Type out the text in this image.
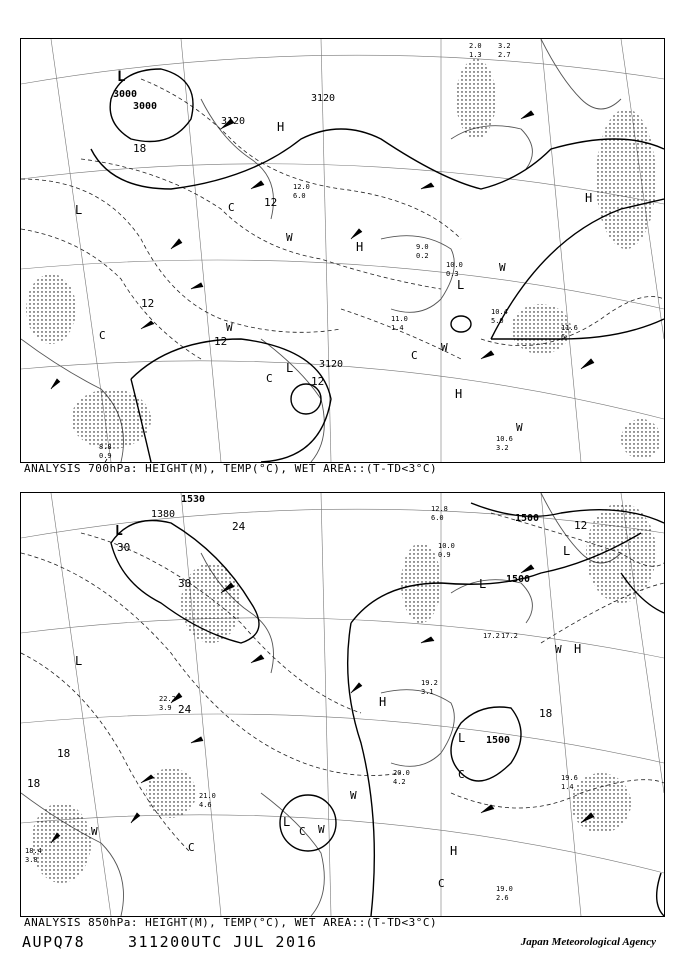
3000
3000
3120
3120
3120
12
12
12
12
18
L
L
L
L
H
H
H
H
C
C
C
C
W
W
W
W
W
10.4
5.0
11.6
6
10.6
3.2
11.0
1.4
10.0
0.3
8.8
0.9
2.0
1.3
3.2
2.7
9.0
0.2
12.0
6.0
ANALYSIS 700hPa: HEIGHT(M), TEMP(°C), WET AREA::(T-TD<3°C)
1500
1500
1500
1380
1530
24
24
18
18
18
12
30
30
L
L
L
L
L
L
H
H
H
C
C
C
C
W
W
W	W
19.0
2.6
19.6
1.4
20.0
4.2
19.2
3.1
21.0
4.6
22.2
3.9
17.2 17.2
10.0
0.9
12.8
6.0
18.4
3.8
ANALYSIS 850hPa: HEIGHT(M), TEMP(°C), WET AREA::(T-TD<3°C)
AUPQ78	311200UTC JUL 2016	Japan Meteorological Agency
